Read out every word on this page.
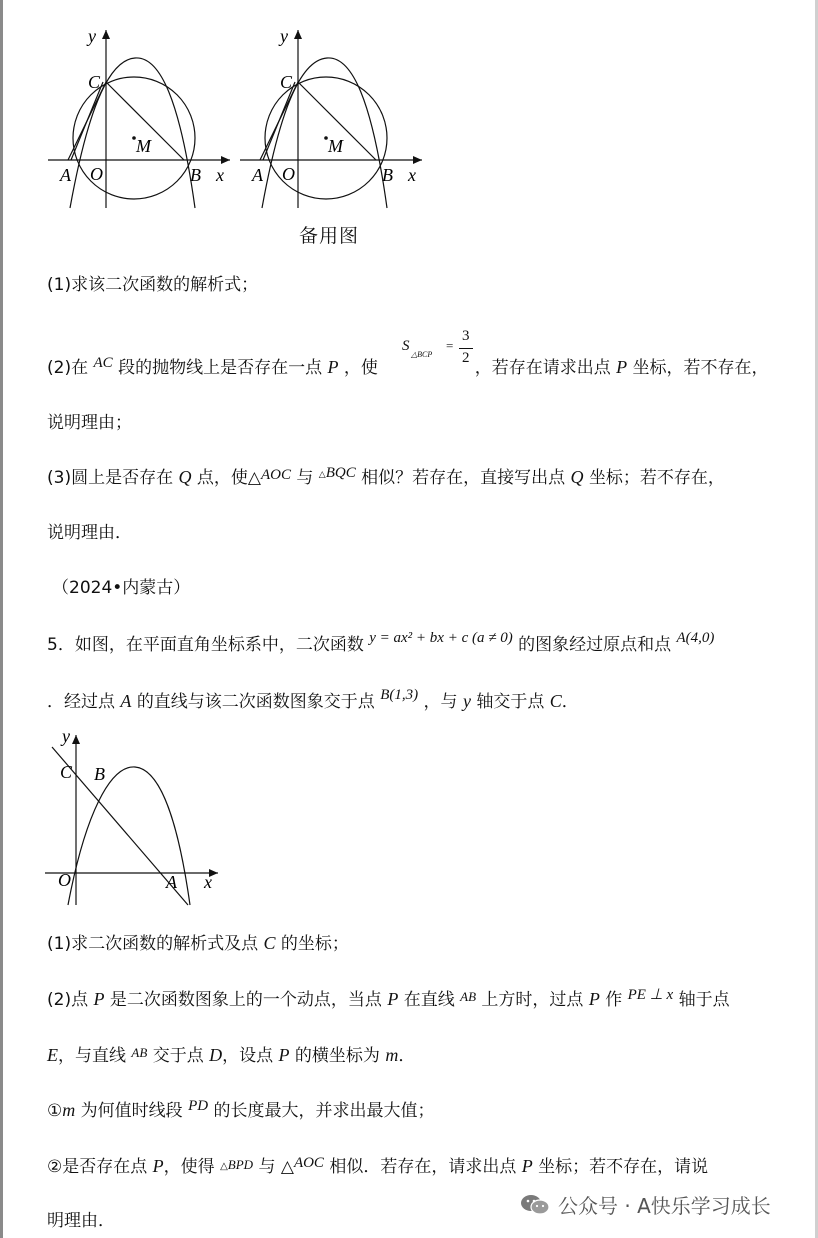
y
C
M
A O	B x
y
C
M
A O	B x
备用图
(1)求该二次函数的解析式；
(2)在 AC 段的抛物线上是否存在一点 P ，使	，若存在请求出点 P 坐标，若不存在，
S
△BCP
=
3
2
说明理由；
(3)圆上是否存在 Q 点，使△AOC 与 △BQC 相似？若存在，直接写出点 Q 坐标；若不存在，
说明理由．
（2024•内蒙古）
5．如图，在平面直角坐标系中，二次函数 y = ax² + bx + c (a ≠ 0) 的图象经过原点和点 A(4,0)
．经过点 A 的直线与该二次函数图象交于点 B(1,3) ，与 y 轴交于点 C．
y
C B
O	A x
(1)求二次函数的解析式及点 C 的坐标；
(2)点 P 是二次函数图象上的一个动点，当点 P 在直线 $^{AB}$ 上方时，过点 P 作 PE ⊥ x 轴于点
E，与直线 $^{AB}$ 交于点 D，设点 P 的横坐标为 m．
①m 为何值时线段 PD 的长度最大，并求出最大值；
②是否存在点 P，使得 △BPD 与 △AOC 相似．若存在，请求出点 P 坐标；若不存在，请说
明理由．
公众号 · A快乐学习成长
